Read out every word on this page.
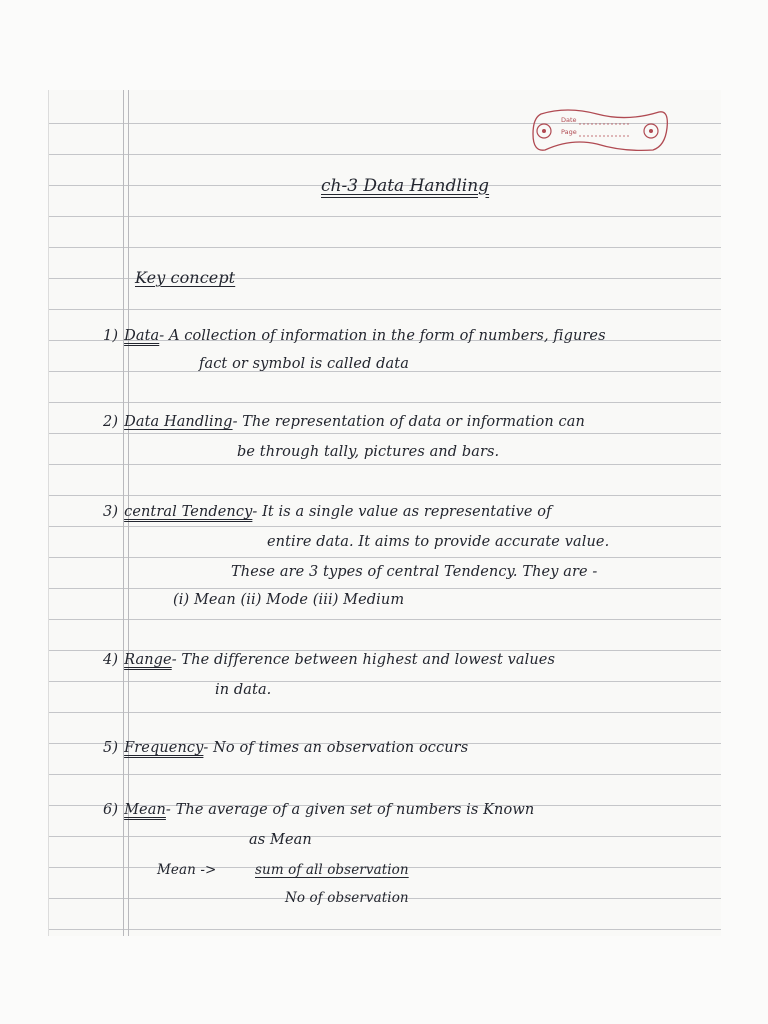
Date
Page
ch-3 Data Handling
Key concept
1) Data- A collection of information in the form of numbers, figures
fact or symbol is called data
2) Data Handling- The representation of data or information can
be through tally, pictures and bars.
3) central Tendency- It is a single value as representative of
entire data. It aims to provide accurate value.
These are 3 types of central Tendency. They are -
(i) Mean (ii) Mode (iii) Medium
4) Range- The difference between highest and lowest values
in data.
5) Frequency- No of times an observation occurs
6) Mean- The average of a given set of numbers is Known
as Mean
Mean ->	sum of all observation
No of observation
